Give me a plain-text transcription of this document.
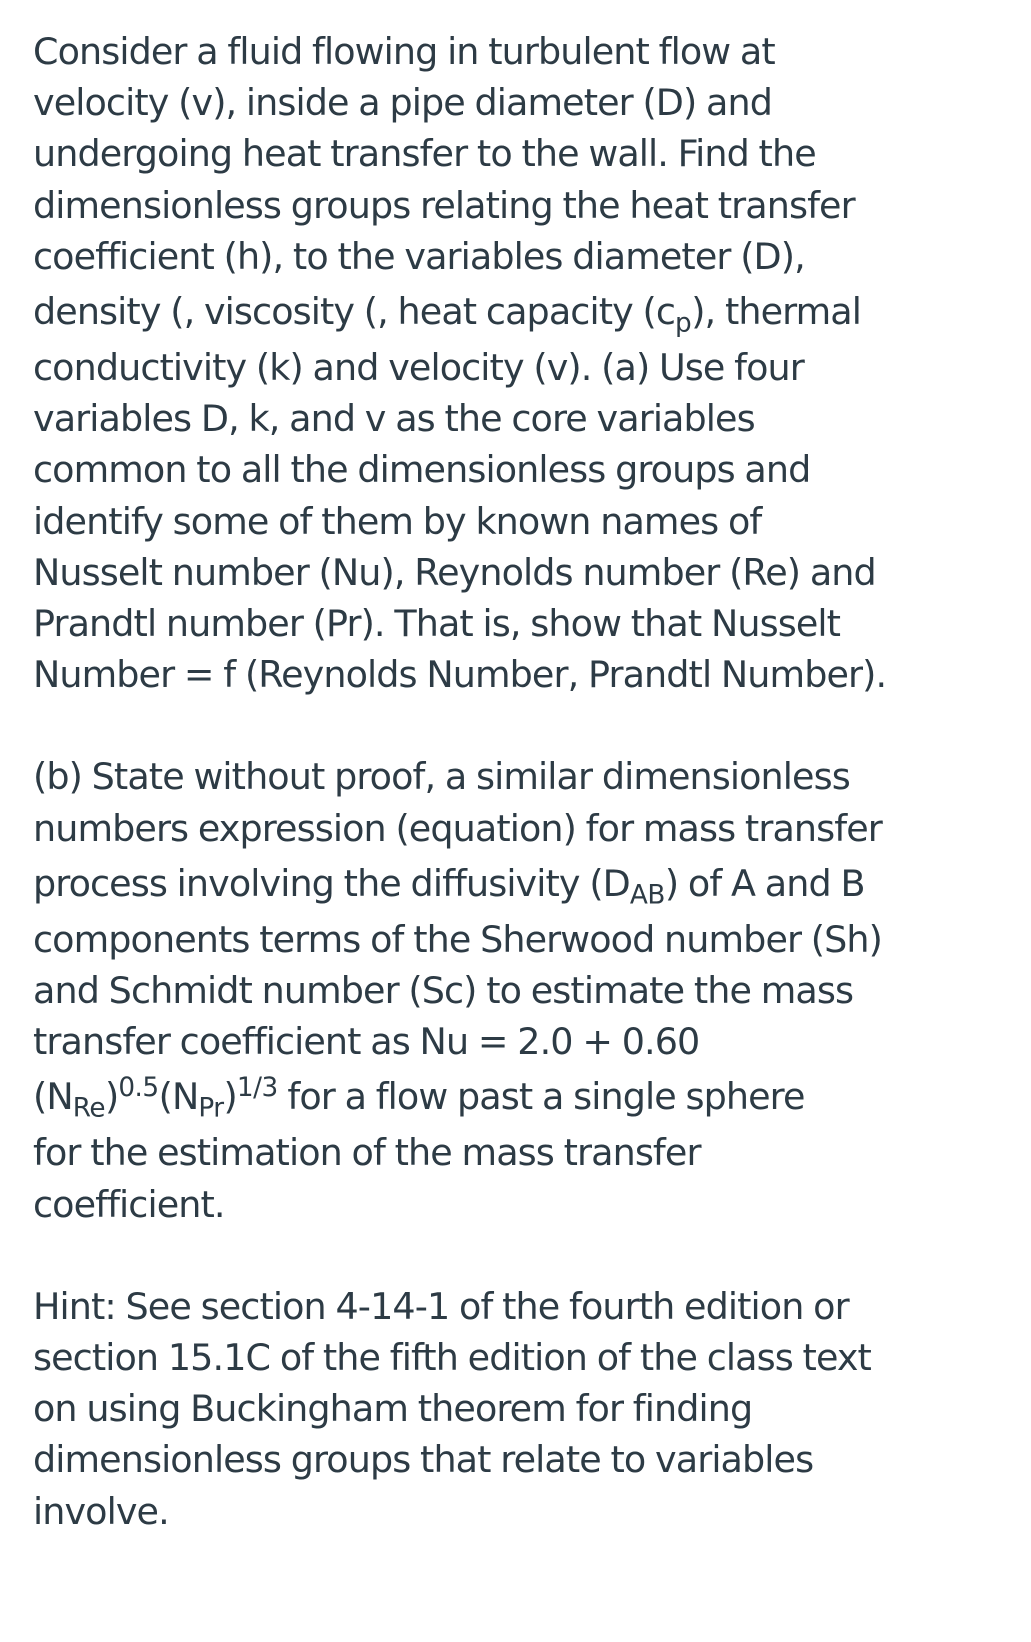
Consider a fluid flowing in turbulent flow at
velocity (v), inside a pipe diameter (D) and
undergoing heat transfer to the wall. Find the
dimensionless groups relating the heat transfer
coefficient (h), to the variables diameter (D),
density (, viscosity (, heat capacity $(c_p)$, thermal
conductivity (k) and velocity (v). (a) Use four
variables D, k, and v as the core variables
common to all the dimensionless groups and
identify some of them by known names of
Nusselt number (Nu), Reynolds number (Re) and
Prandtl number (Pr). That is, show that Nusselt
Number = f (Reynolds Number, Prandtl Number).
(b) State without proof, a similar dimensionless
numbers expression (equation) for mass transfer
process involving the diffusivity $(D_{AB})$ of A and B
components terms of the Sherwood number (Sh)
and Schmidt number (Sc) to estimate the mass
transfer coefficient as Nu = 2.0 + 0.60
$(N_{Re})^{0.5}(N_{Pr})^{1/3}$ for a flow past a single sphere
for the estimation of the mass transfer
coefficient.
Hint: See section 4-14-1 of the fourth edition or
section 15.1C of the fifth edition of the class text
on using Buckingham theorem for finding
dimensionless groups that relate to variables
involve.
